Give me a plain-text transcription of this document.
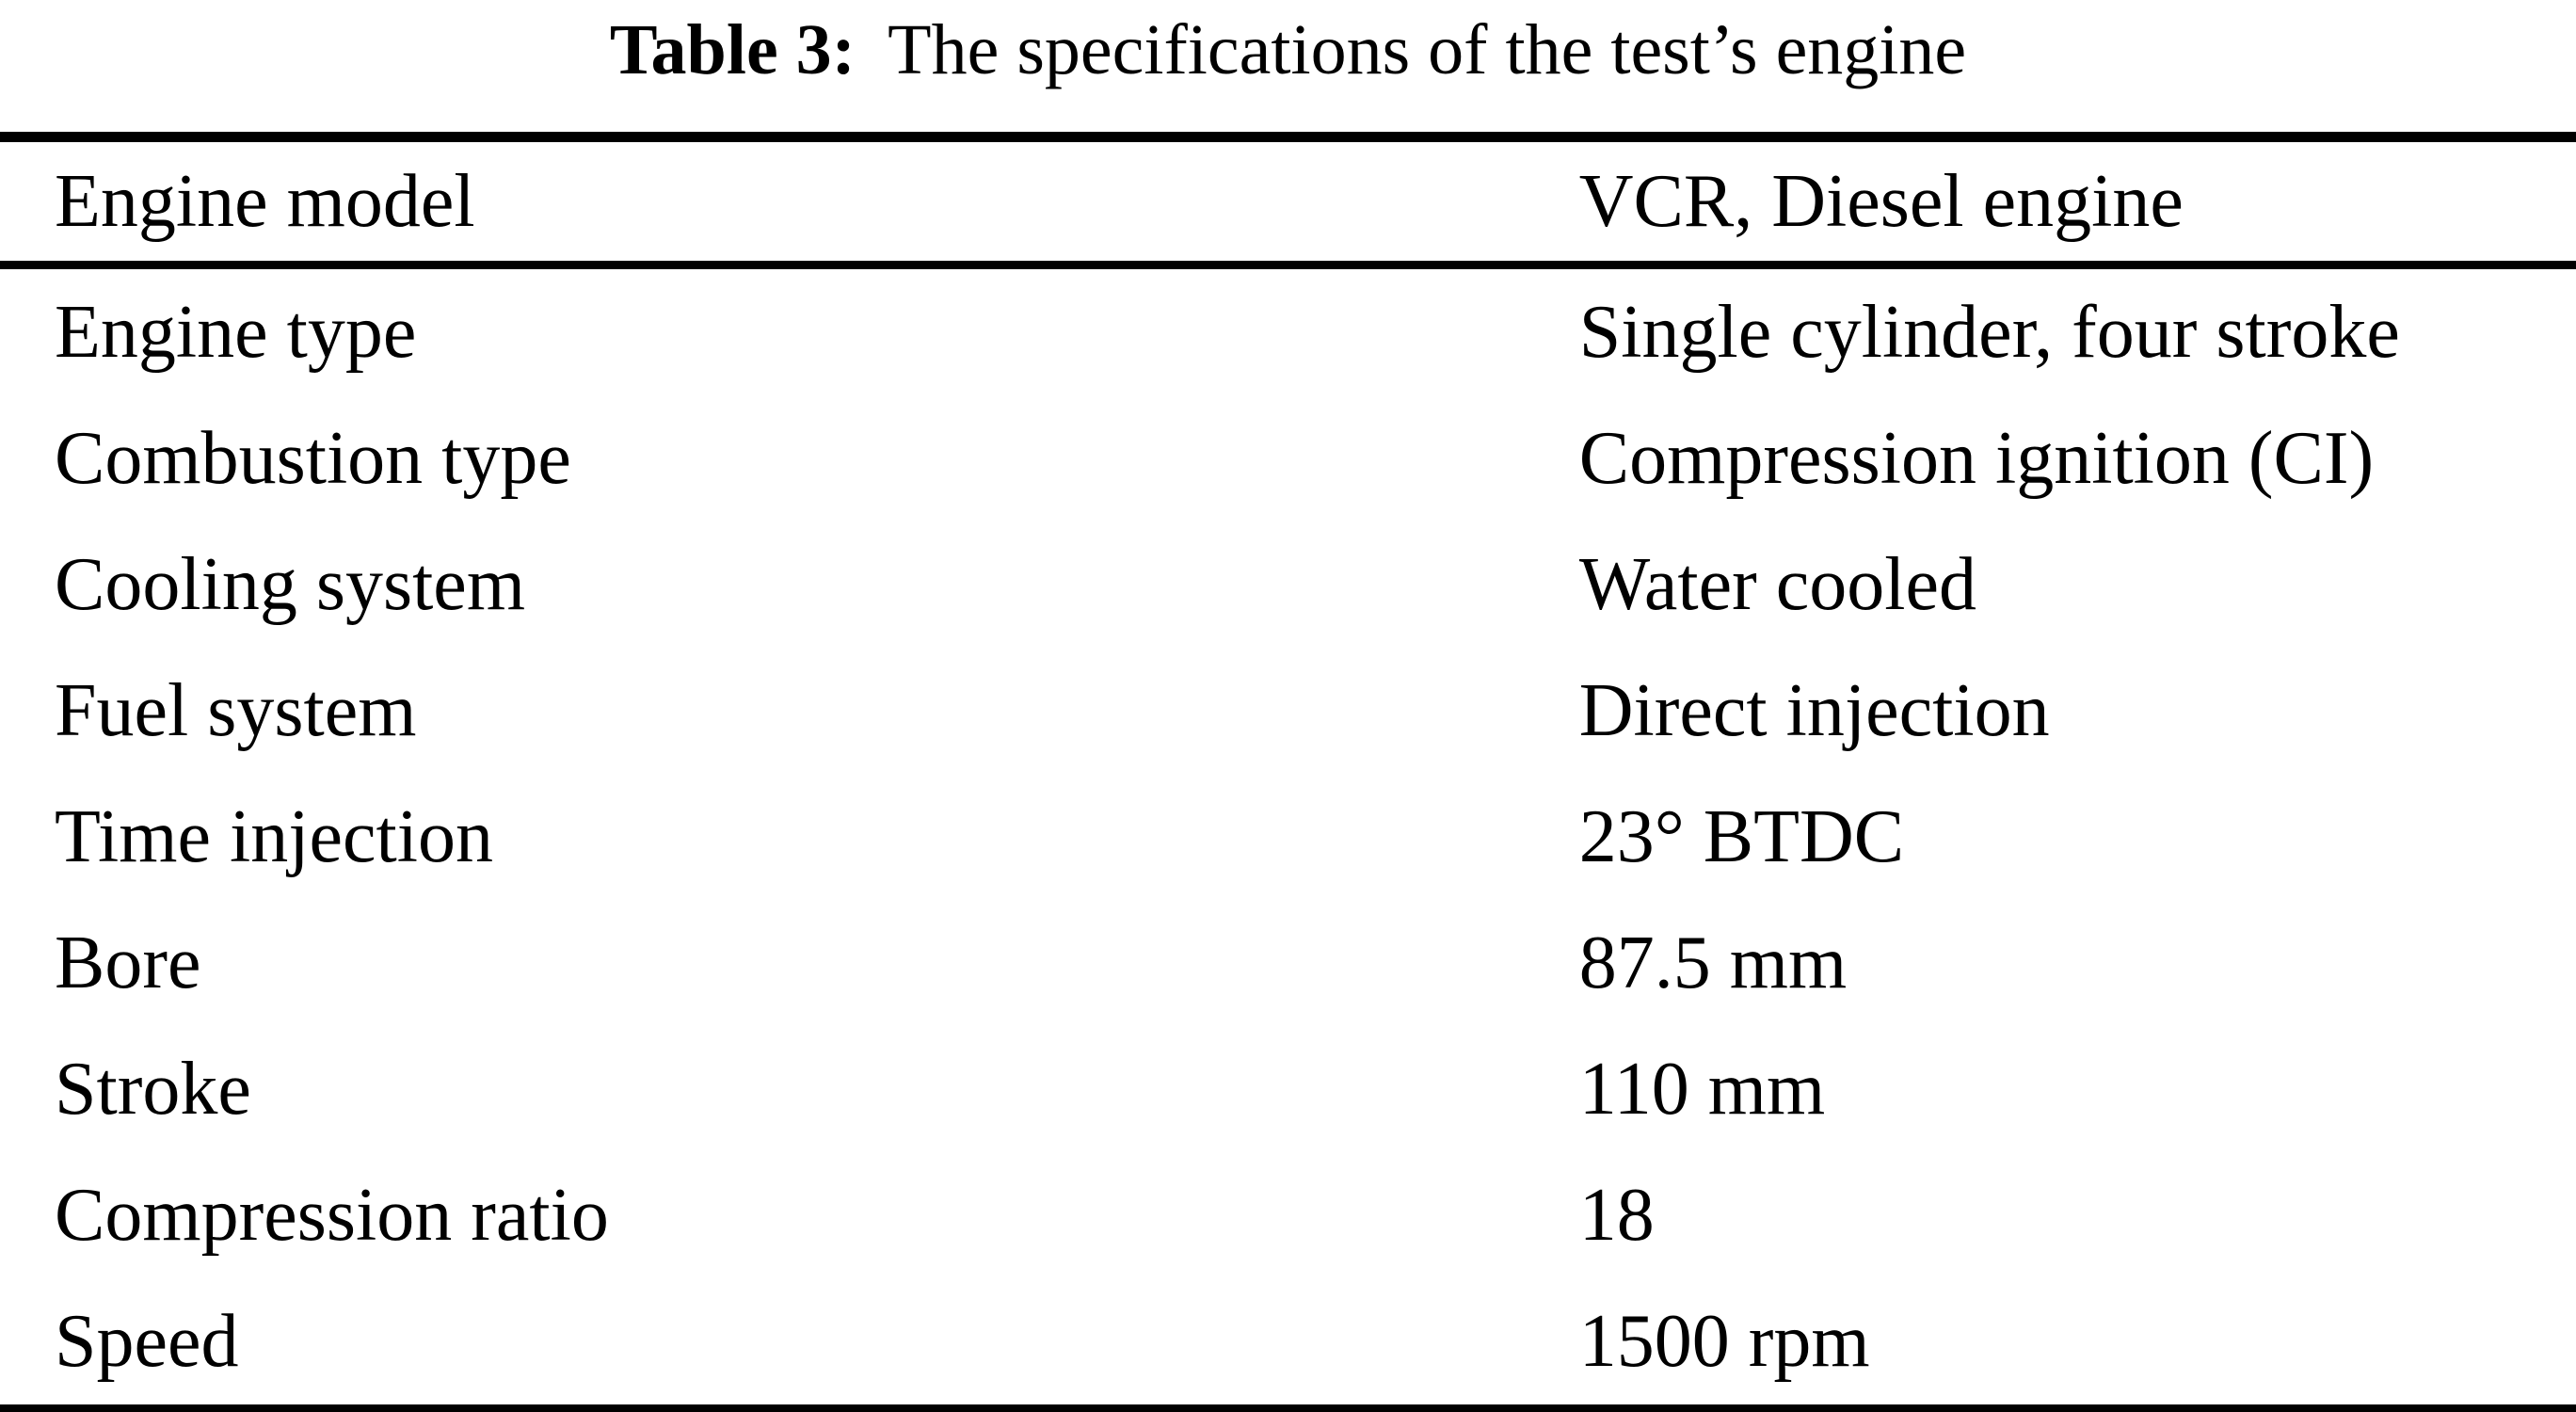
Table 3: The specifications of the test’s engine
Engine model	VCR, Diesel engine
Engine type	Single cylinder, four stroke
Combustion type	Compression ignition (CI)
Cooling system	Water cooled
Fuel system	Direct injection
Time injection	23° BTDC
Bore	87.5 mm
Stroke	110 mm
Compression ratio	18
Speed	1500 rpm
